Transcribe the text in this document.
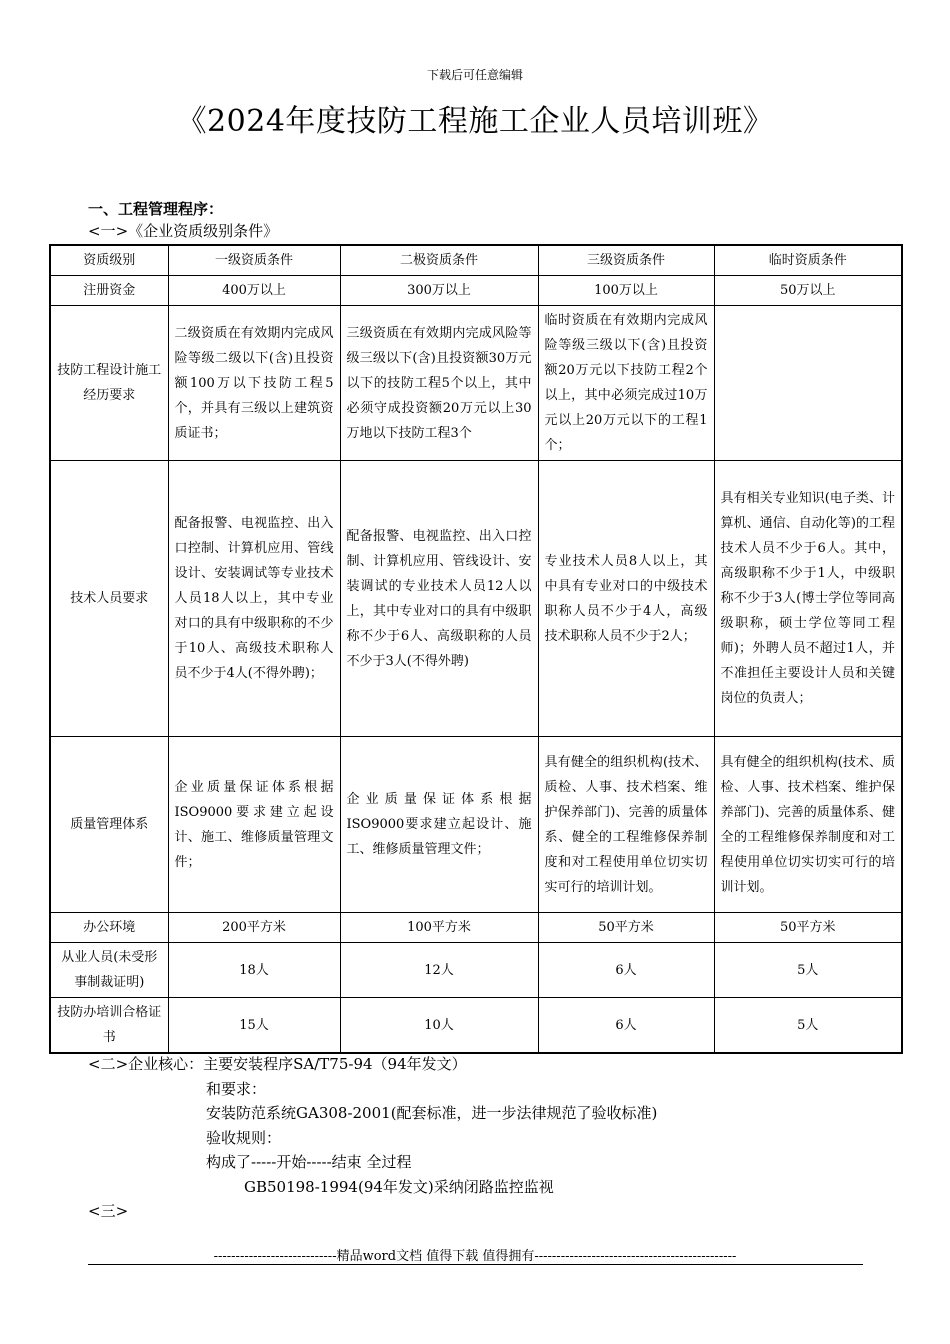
下载后可任意编辑
《2024年度技防工程施工企业人员培训班》
一、工程管理程序：
<一>《企业资质级别条件》
资质级别	一级资质条件	二极资质条件	三级资质条件	临时资质条件
注册资金	400万以上	300万以上	100万以上	50万以上
技防工程设计施工经历要求	二级资质在有效期内完成风险等级二级以下(含)且投资额100万以下技防工程5个，并具有三级以上建筑资质证书；	三级资质在有效期内完成风险等级三级以下(含)且投资额30万元以下的技防工程5个以上，其中必须守成投资额20万元以上30万地以下技防工程3个	临时资质在有效期内完成风险等级三级以下(含)且投资额20万元以下技防工程2个以上，其中必须完成过10万元以上20万元以下的工程1个；	
技术人员要求	配备报警、电视监控、出入口控制、计算机应用、管线设计、安装调试等专业技术人员18人以上，其中专业对口的具有中级职称的不少于10人、高级技术职称人员不少于4人(不得外聘)；	配备报警、电视监控、出入口控制、计算机应用、管线设计、安装调试的专业技术人员12人以上，其中专业对口的具有中级职称不少于6人、高级职称的人员不少于3人(不得外聘)	专业技术人员8人以上，其中具有专业对口的中级技术职称人员不少于4人，高级技术职称人员不少于2人；	具有相关专业知识(电子类、计算机、通信、自动化等)的工程技术人员不少于6人。其中，高级职称不少于1人，中级职称不少于3人(博士学位等同高级职称，硕士学位等同工程师)；外聘人员不超过1人，并不准担任主要设计人员和关键岗位的负责人；
质量管理体系	企业质量保证体系根据ISO9000要求建立起设计、施工、维修质量管理文件；	企业质量保证体系根据ISO9000要求建立起设计、施工、维修质量管理文件；	具有健全的组织机构(技术、质检、人事、技术档案、维护保养部门)、完善的质量体系、健全的工程维修保养制度和对工程使用单位切实切实可行的培训计划。	具有健全的组织机构(技术、质检、人事、技术档案、维护保养部门)、完善的质量体系、健全的工程维修保养制度和对工程使用单位切实切实可行的培训计划。
办公环境	200平方米	100平方米	50平方米	50平方米
从业人员(未受形事制裁证明)	18人	12人	6人	5人
技防办培训合格证书	15人	10人	6人	5人
<二>企业核心：主要安装程序SA/T75-94（94年发文）
和要求：
安装防范系统GA308-2001(配套标准，进一步法律规范了验收标准)
验收规则：
构成了-----开始-----结束 全过程
GB50198-1994(94年发文)采纳闭路监控监视
<三>
----------------------------精品word文档 值得下载 值得拥有----------------------------------------------
